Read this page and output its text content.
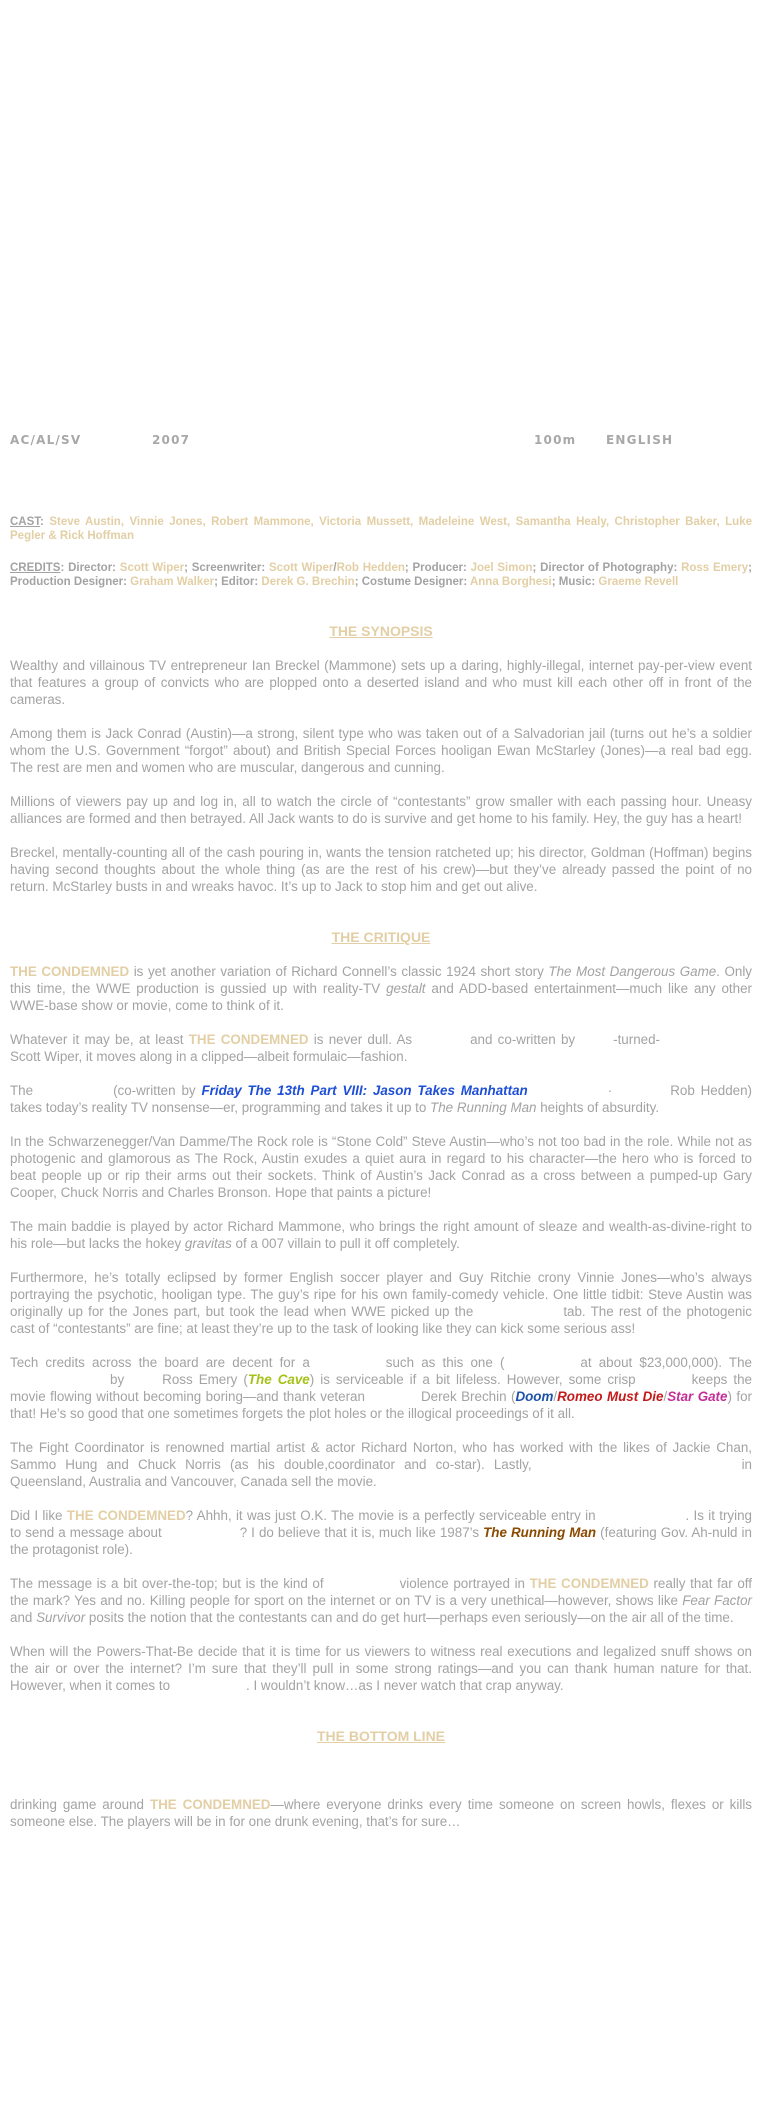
AC/AL/SV	2007	100m ENGLISH
CAST: Steve Austin, Vinnie Jones, Robert Mammone, Victoria Mussett, Madeleine West, Samantha Healy, Christopher Baker, Luke Pegler & Rick Hoffman
CREDITS: Director: Scott Wiper; Screenwriter: Scott Wiper/Rob Hedden; Producer: Joel Simon; Director of Photography: Ross Emery; Production Designer: Graham Walker; Editor: Derek G. Brechin; Costume Designer: Anna Borghesi; Music: Graeme Revell
THE SYNOPSIS

Wealthy and villainous TV entrepreneur Ian Breckel (Mammone) sets up a daring, highly-illegal, internet pay-per-view event that features a group of convicts who are plopped onto a deserted island and who must kill each other off in front of the cameras.

Among them is Jack Conrad (Austin)—a strong, silent type who was taken out of a Salvadorian jail (turns out he’s a soldier whom the U.S. Government “forgot” about) and British Special Forces hooligan Ewan McStarley (Jones)—a real bad egg. The rest are men and women who are muscular, dangerous and cunning.

Millions of viewers pay up and log in, all to watch the circle of “contestants” grow smaller with each passing hour. Uneasy alliances are formed and then betrayed. All Jack wants to do is survive and get home to his family. Hey, the guy has a heart!

Breckel, mentally-counting all of the cash pouring in, wants the tension ratcheted up; his director, Goldman (Hoffman) begins having second thoughts about the whole thing (as are the rest of his crew)—but they’ve already passed the point of no return. McStarley busts in and wreaks havoc. It’s up to Jack to stop him and get out alive.

THE CRITIQUE

THE CONDEMNED is yet another variation of Richard Connell’s classic 1924 short story The Most Dangerous Game. Only this time, the WWE production is gussied up with reality-TV gestalt and ADD-based entertainment—much like any other WWE-base show or movie, come to think of it.

Whatever it may be, at least THE CONDEMNED is never dull. As	and co-written by	-turned-Scott Wiper, it moves along in a clipped—albeit formulaic—fashion.

The	(co-written by Friday The 13th Part VIII: Jason Takes Manhattan	·	Rob Hedden) takes today’s reality TV nonsense—er, programming and takes it up to The Running Man heights of absurdity.

In the Schwarzenegger/Van Damme/The Rock role is “Stone Cold” Steve Austin—who’s not too bad in the role. While not as photogenic and glamorous as The Rock, Austin exudes a quiet aura in regard to his character—the hero who is forced to beat people up or rip their arms out their sockets. Think of Austin’s Jack Conrad as a cross between a pumped-up Gary Cooper, Chuck Norris and Charles Bronson. Hope that paints a picture!

The main baddie is played by actor Richard Mammone, who brings the right amount of sleaze and wealth-as-divine-right to his role—but lacks the hokey gravitas of a 007 villain to pull it off completely.

Furthermore, he’s totally eclipsed by former English soccer player and Guy Ritchie crony Vinnie Jones—who’s always portraying the psychotic, hooligan type. The guy’s ripe for his own family-comedy vehicle. One little tidbit: Steve Austin was originally up for the Jones part, but took the lead when WWE picked up the	tab. The rest of the photogenic cast of “contestants” are fine; at least they’re up to the task of looking like they can kick some serious ass!

Tech credits across the board are decent for a	such as this one (	at about $23,000,000). Theby	Ross Emery (The Cave) is serviceable if a bit lifeless. However, some crisp	keeps the movie flowing without becoming boring—and thank veteran	Derek Brechin (Doom/Romeo Must Die/Star Gate) for that! He’s so good that one sometimes forgets the plot holes or the illogical proceedings of it all.

The Fight Coordinator is renowned martial artist & actor Richard Norton, who has worked with the likes of Jackie Chan, Sammo Hung and Chuck Norris (as his double,coordinator and co-star). Lastly,	in Queensland, Australia and Vancouver, Canada sell the movie.

Did I like THE CONDEMNED? Ahhh, it was just O.K. The movie is a perfectly serviceable entry in	. Is it trying to send a message about	? I do believe that it is, much like 1987’s The Running Man (featuring Gov. Ah-nuld in the protagonist role).

The message is a bit over-the-top; but is the kind of	violence portrayed in THE CONDEMNED really that far off the mark? Yes and no. Killing people for sport on the internet or on TV is a very unethical—however, shows like Fear Factor and Survivor posits the notion that the contestants can and do get hurt—perhaps even seriously—on the air all of the time.

When will the Powers-That-Be decide that it is time for us viewers to witness real executions and legalized snuff shows on the air or over the internet? I’m sure that they’ll pull in some strong ratings—and you can thank human nature for that. However, when it comes to	. I wouldn’t know…as I never watch that crap anyway.

THE BOTTOM LINE

drinking game around THE CONDEMNED—where everyone drinks every time someone on screen howls, flexes or kills someone else. The players will be in for one drunk evening, that’s for sure…
